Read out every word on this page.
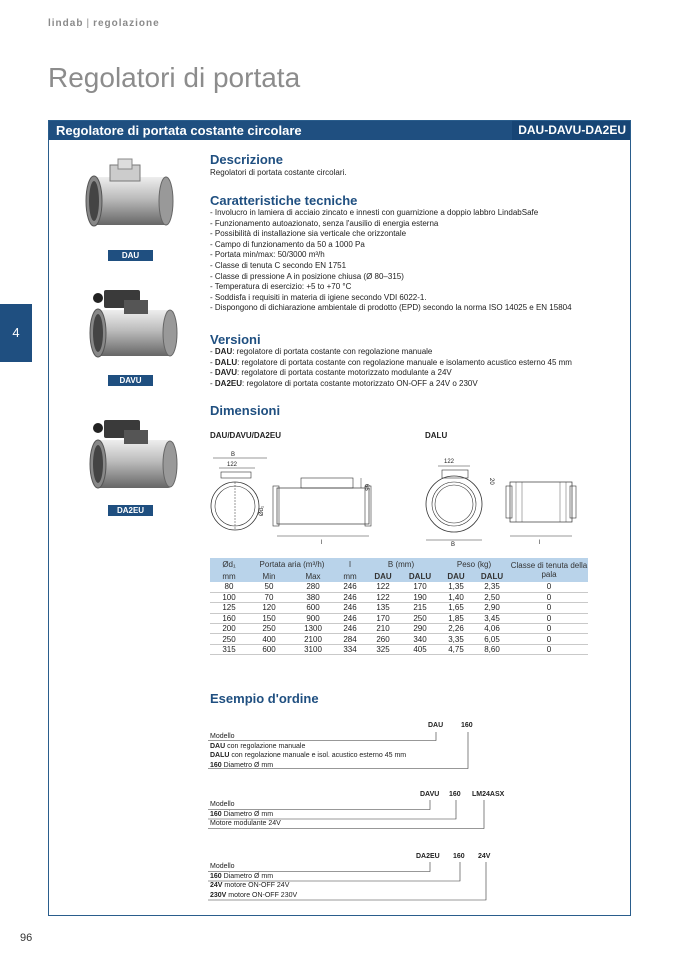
lindab | regolazione
Regolatori di portata
4
96
Regolatore di portata costante circolare	DAU-DAVU-DA2EU
DAU
DAVU
DA2EU
Descrizione
Regolatori di portata costante circolari.
Caratteristiche tecniche
- Involucro in lamiera di acciaio zincato e innesti con guarnizione a doppio labbro LindabSafe
- Funzionamento autoazionato, senza l'ausilio di energia esterna
- Possibilità di installazione sia verticale che orizzontale
- Campo di funzionamento da 50 a 1000 Pa
- Portata min/max: 50/3000 m³/h
- Classe di tenuta C secondo EN 1751
- Classe di pressione A in posizione chiusa (Ø 80–315)
- Temperatura di esercizio: +5 to +70 °C
- Soddisfa i requisiti in materia di igiene secondo VDI 6022-1.
- Dispongono di dichiarazione ambientale di prodotto (EPD) secondo la norma ISO 14025 e EN 15804
Versioni
- DAU: regolatore di portata costante con regolazione manuale
- DALU: regolatore di portata costante con regolazione manuale e isolamento acustico esterno 45 mm
- DAVU: regolatore di portata costante motorizzato modulante a 24V
- DA2EU: regolatore di portata costante motorizzato ON-OFF a 24V o 230V
Dimensioni
DAU/DAVU/DA2EU	DALU
B
122
65
l
Ød₁
122
20
B	l
Ød₁	Portata aria (m³/h)		l	B (mm)		Peso (kg)		Classe di tenuta della pala
mm	Min	Max	mm	DAU	DALU	DAU	DALU	
80	50	280	246	122	170	1,35	2,35	0
100	70	380	246	122	190	1,40	2,50	0
125	120	600	246	135	215	1,65	2,90	0
160	150	900	246	170	250	1,85	3,45	0
200	250	1300	246	210	290	2,26	4,06	0
250	400	2100	284	260	340	3,35	6,05	0
315	600	3100	334	325	405	4,75	8,60	0
Esempio d'ordine
DAU	160
Modello
DAU con regolazione manuale
DALU con regolazione manuale e isol. acustico esterno 45 mm
160 Diametro Ø mm
DAVU 160 LM24ASX
Modello
160 Diametro Ø mm
Motore modulante 24V
DA2EU 160 24V
Modello
160 Diametro Ø mm
24V motore ON-OFF 24V
230V motore ON-OFF 230V
